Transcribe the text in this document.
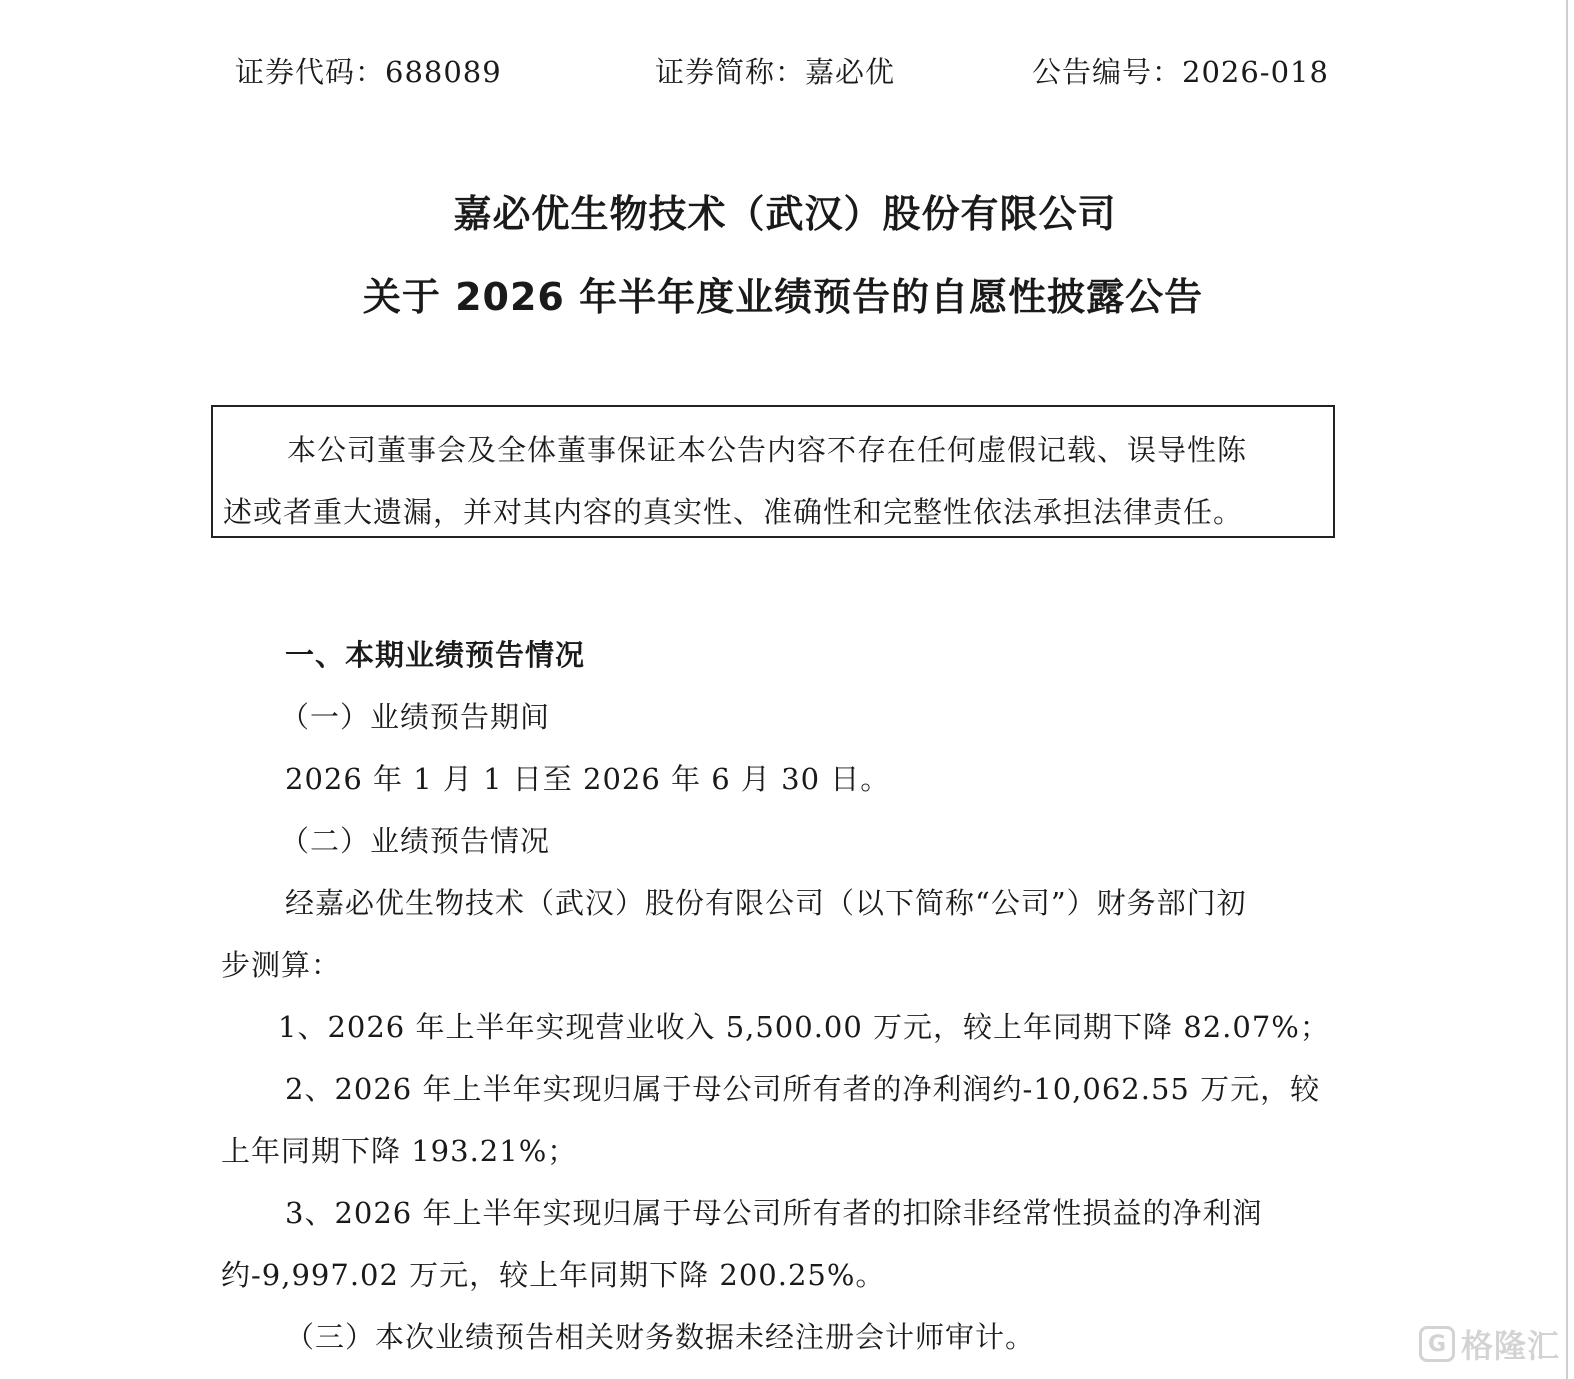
证券代码：688089	证券简称：嘉必优	公告编号：2026-018
嘉必优生物技术（武汉）股份有限公司
关于 2026 年半年度业绩预告的自愿性披露公告
本公司董事会及全体董事保证本公告内容不存在任何虚假记载、误导性陈
述或者重大遗漏，并对其内容的真实性、准确性和完整性依法承担法律责任。
一、本期业绩预告情况
（一）业绩预告期间
2026 年 1 月 1 日至 2026 年 6 月 30 日。
（二）业绩预告情况
经嘉必优生物技术（武汉）股份有限公司（以下简称“公司”）财务部门初
步测算：
1、2026 年上半年实现营业收入 5,500.00 万元，较上年同期下降 82.07%；
2、2026 年上半年实现归属于母公司所有者的净利润约-10,062.55 万元，较
上年同期下降 193.21%；
3、2026 年上半年实现归属于母公司所有者的扣除非经常性损益的净利润
约-9,997.02 万元，较上年同期下降 200.25%。
（三）本次业绩预告相关财务数据未经注册会计师审计。	G 格隆汇
